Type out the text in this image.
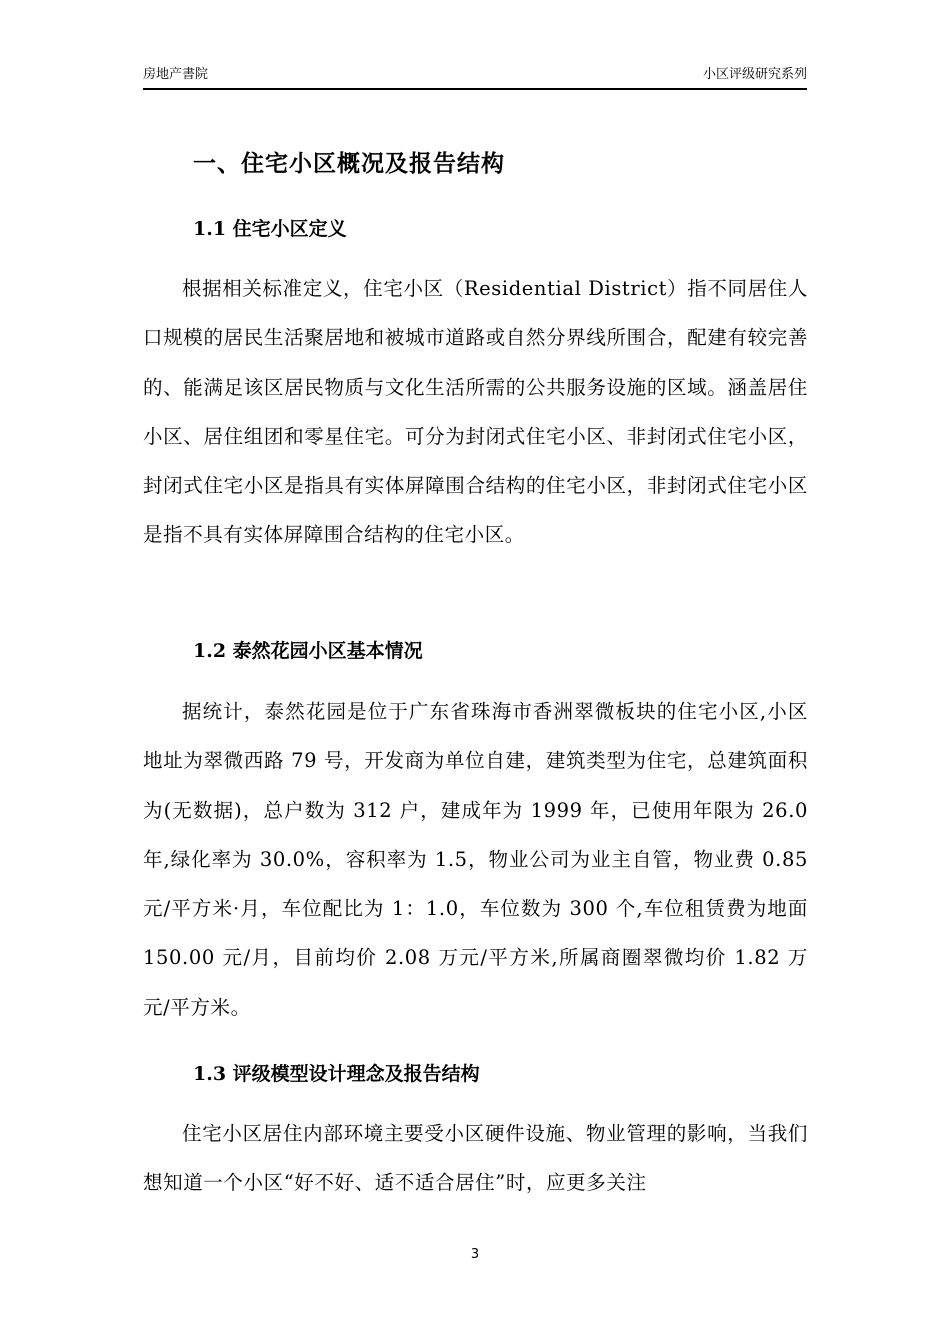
房地产書院	小区评级研究系列
一、住宅小区概况及报告结构
1.1 住宅小区定义
根据相关标准定义，住宅小区（Residential District）指不同居住人口规模的居民生活聚居地和被城市道路或自然分界线所围合，配建有较完善的、能满足该区居民物质与文化生活所需的公共服务设施的区域。涵盖居住小区、居住组团和零星住宅。可分为封闭式住宅小区、非封闭式住宅小区，封闭式住宅小区是指具有实体屏障围合结构的住宅小区，非封闭式住宅小区是指不具有实体屏障围合结构的住宅小区。
1.2 泰然花园小区基本情况
据统计，泰然花园是位于广东省珠海市香洲翠微板块的住宅小区,小区地址为翠微西路 79 号，开发商为单位自建，建筑类型为住宅，总建筑面积为(无数据)，总户数为 312 户，建成年为 1999 年，已使用年限为 26.0 年,绿化率为 30.0%，容积率为 1.5，物业公司为业主自管，物业费 0.85 元/平方米·月，车位配比为 1：1.0，车位数为 300 个,车位租赁费为地面 150.00 元/月，目前均价 2.08 万元/平方米,所属商圈翠微均价 1.82 万元/平方米。
1.3 评级模型设计理念及报告结构
住宅小区居住内部环境主要受小区硬件设施、物业管理的影响，当我们想知道一个小区“好不好、适不适合居住”时，应更多关注
3
